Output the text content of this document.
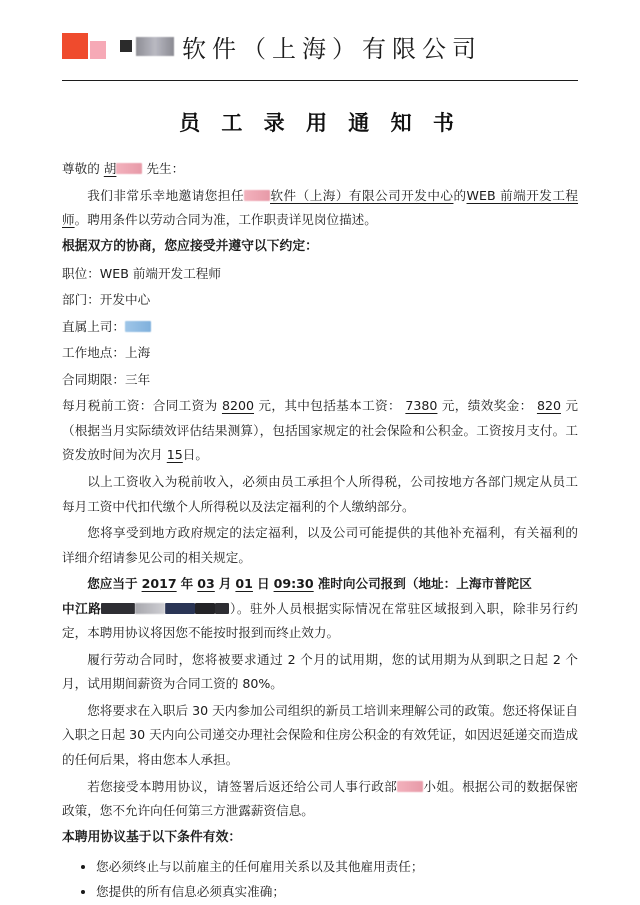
软件（上海）有限公司
员 工 录 用 通 知 书

尊敬的 胡 先生：

我们非常乐幸地邀请您担任 软件（上海）有限公司开发中心的WEB 前端开发工程师。聘用条件以劳动合同为准，工作职责详见岗位描述。

根据双方的协商，您应接受并遵守以下约定：

职位：WEB 前端开发工程师

部门：开发中心

直属上司：

工作地点：上海

合同期限：三年

每月税前工资：合同工资为 8200 元，其中包括基本工资： 7380 元，绩效奖金： 820 元（根据当月实际绩效评估结果测算），包括国家规定的社会保险和公积金。工资按月支付。工资发放时间为次月 15日。

以上工资收入为税前收入，必须由员工承担个人所得税，公司按地方各部门规定从员工每月工资中代扣代缴个人所得税以及法定福利的个人缴纳部分。

您将享受到地方政府规定的法定福利，以及公司可能提供的其他补充福利，有关福利的详细介绍请参见公司的相关规定。

您应当于 2017 年 03 月 01 日 09:30 准时向公司报到（地址：上海市普陀区
中江路	）。驻外人员根据实际情况在常驻区域报到入职，除非另行约定，本聘用协议将因您不能按时报到而终止效力。

履行劳动合同时，您将被要求通过 2 个月的试用期，您的试用期为从到职之日起 2 个月，试用期间薪资为合同工资的 80%。

您将要求在入职后 30 天内参加公司组织的新员工培训来理解公司的政策。您还将保证自入职之日起 30 天内向公司递交办理社会保险和住房公积金的有效凭证，如因迟延递交而造成的任何后果，将由您本人承担。

若您接受本聘用协议，请签署后返还给公司人事行政部 小姐。根据公司的数据保密政策，您不允许向任何第三方泄露薪资信息。

本聘用协议基于以下条件有效：

• 您必须终止与以前雇主的任何雇用关系以及其他雇用责任；
• 您提供的所有信息必须真实准确；
